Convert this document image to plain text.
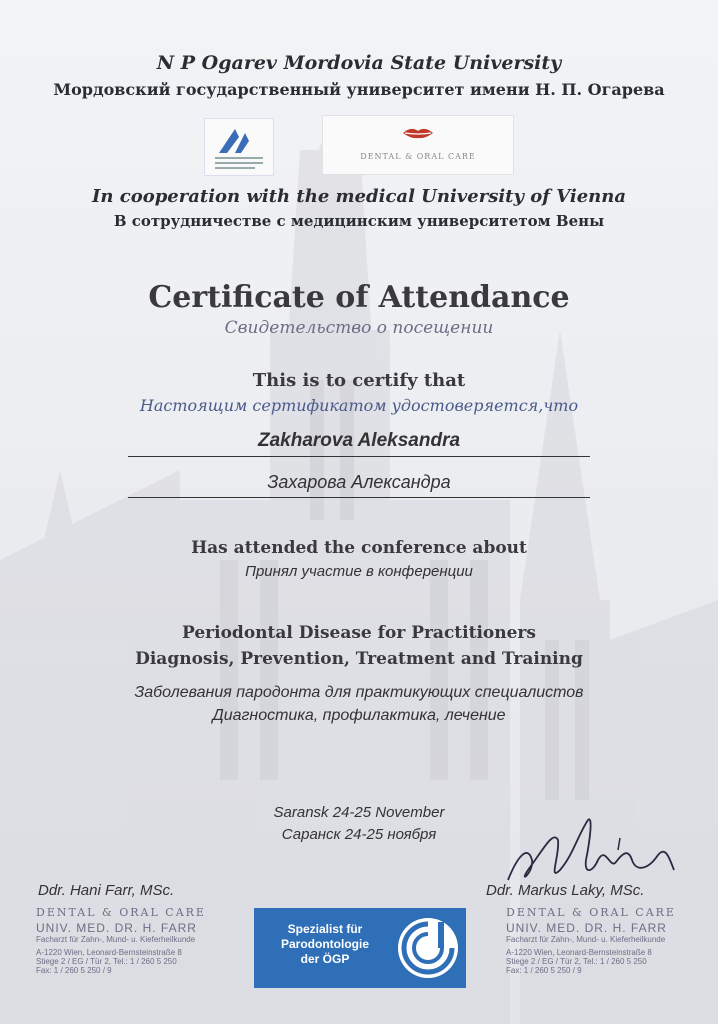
N P Ogarev Mordovia State University
Мордовский государственный университет имени Н. П. Огарева
DENTAL & ORAL CARE
In cooperation with the medical University of Vienna
В сотрудничестве с медицинским университетом Вены
Certificate of Attendance
Свидетельство о посещении
This is to certify that
Настоящим сертификатом удостоверяется,что
Zakharova Aleksandra
Захарова Александра
Has attended the conference about
Принял участие в конференции
Periodontal Disease for Practitioners
Diagnosis, Prevention, Treatment and Training
Заболевания пародонта для практикующих специалистов
Диагностика, профилактика, лечение
Saransk 24-25 November
Саранск 24-25 ноября
Ddr. Hani Farr, MSc.	Ddr. Markus Laky, MSc.
DENTAL & ORAL CARE
UNIV. MED. DR. H. FARR
Facharzt für Zahn-, Mund- u. Kieferheilkunde
A-1220 Wien, Leonard-Bernsteinstraße 8
Stiege 2 / EG / Tür 2, Tel.: 1 / 260 5 250
Fax: 1 / 260 5 250 / 9
Spezialist für
Parodontologie
der ÖGP
DENTAL & ORAL CARE
UNIV. MED. DR. H. FARR
Facharzt für Zahn-, Mund- u. Kieferheilkunde
A-1220 Wien, Leonard-Bernsteinstraße 8
Stiege 2 / EG / Tür 2, Tel.: 1 / 260 5 250
Fax: 1 / 260 5 250 / 9
